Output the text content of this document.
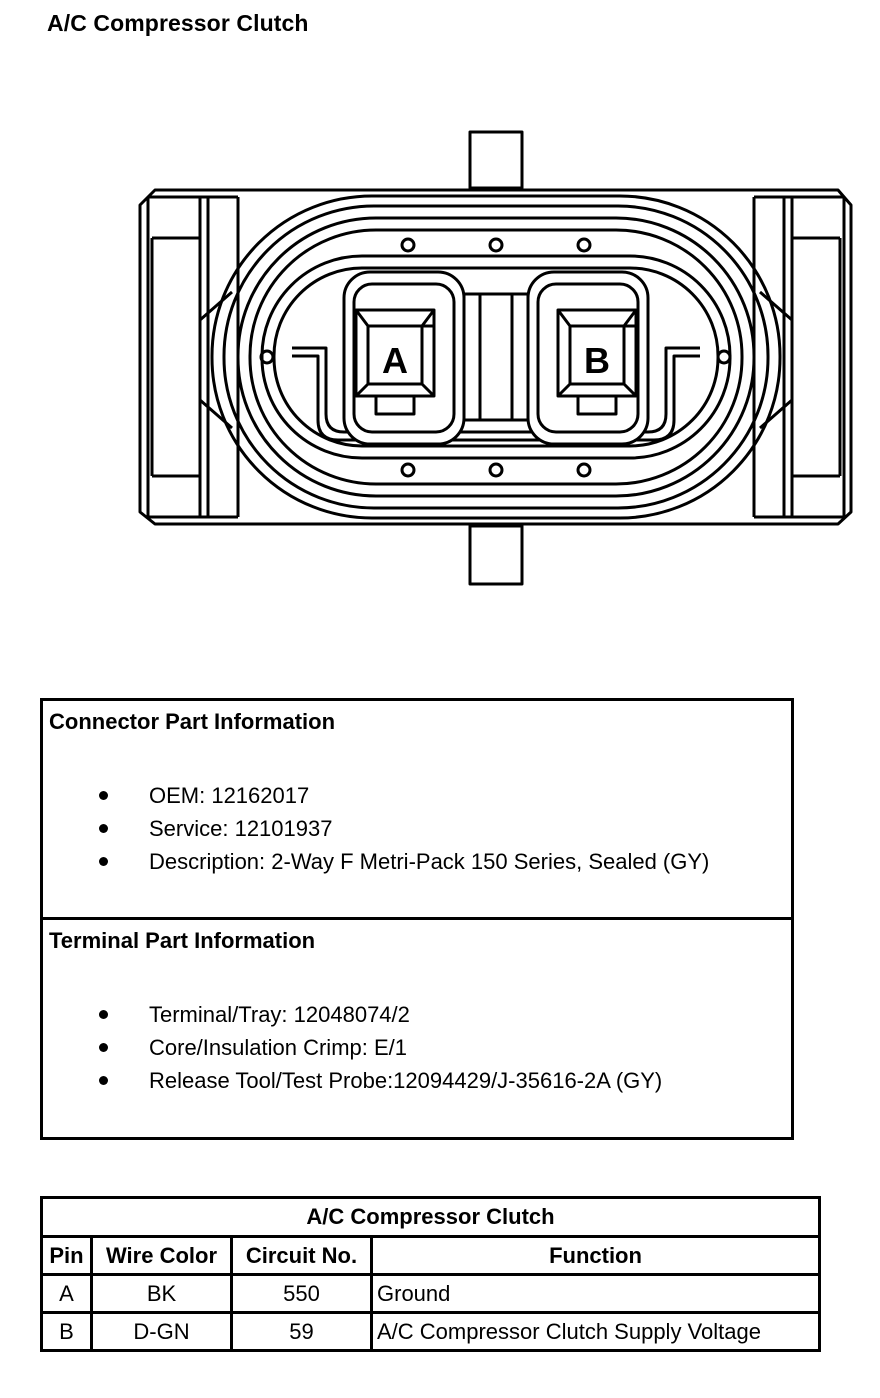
A/C Compressor Clutch
A	B
Connector Part Information
OEM: 12162017
Service: 12101937
Description: 2-Way F Metri-Pack 150 Series, Sealed (GY)
Terminal Part Information
Terminal/Tray: 12048074/2
Core/Insulation Crimp: E/1
Release Tool/Test Probe:12094429/J-35616-2A (GY)
A/C Compressor Clutch			
Pin	Wire Color	Circuit No.	Function
A	BK	550	Ground
B	D-GN	59	A/C Compressor Clutch Supply Voltage
